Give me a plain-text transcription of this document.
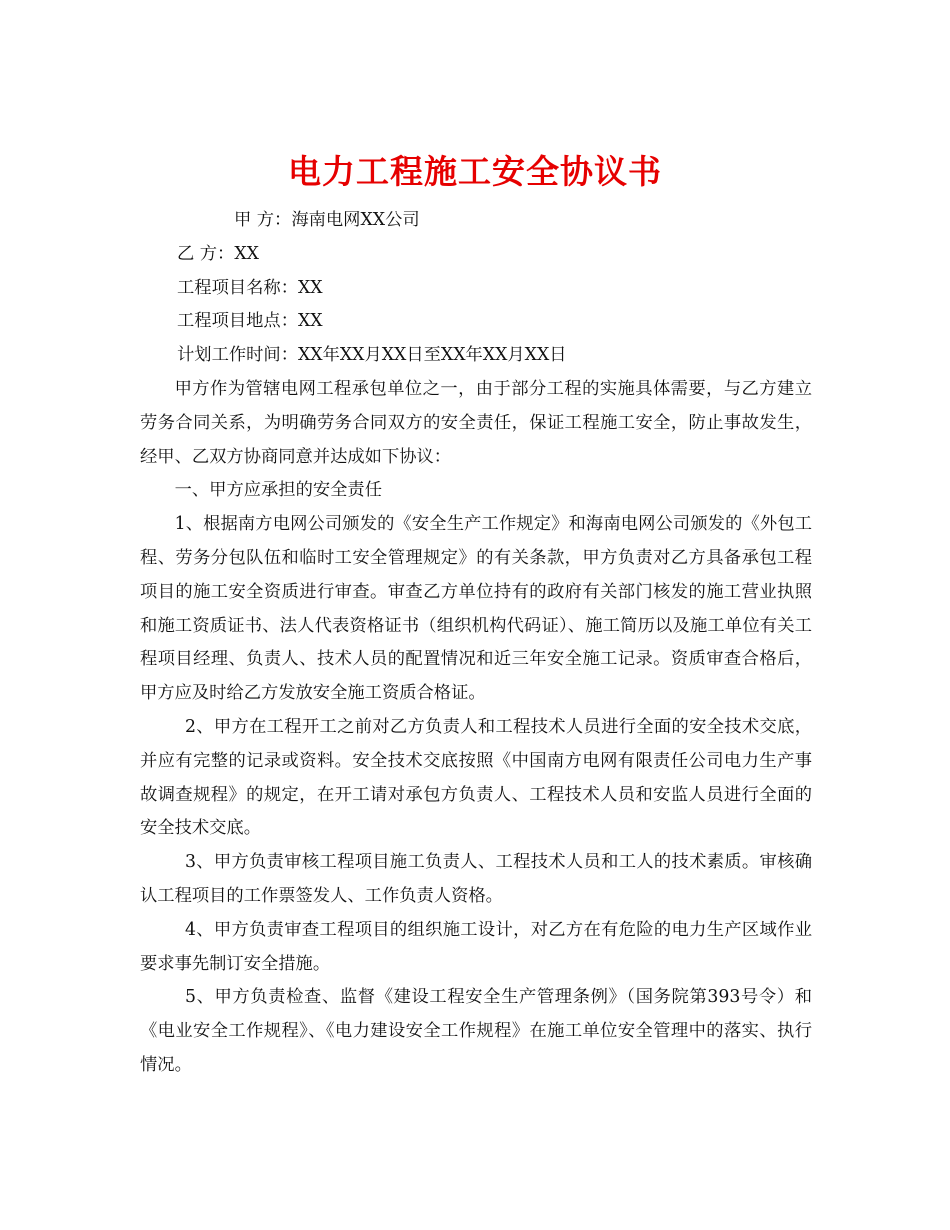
电力工程施工安全协议书

甲 方：海南电网XX公司

乙 方：XX

工程项目名称：XX

工程项目地点：XX

计划工作时间：XX年XX月XX日至XX年XX月XX日

甲方作为管辖电网工程承包单位之一，由于部分工程的实施具体需要，与乙方建立劳务合同关系，为明确劳务合同双方的安全责任，保证工程施工安全，防止事故发生，经甲、乙双方协商同意并达成如下协议：

一、甲方应承担的安全责任

1、根据南方电网公司颁发的《安全生产工作规定》和海南电网公司颁发的《外包工程、劳务分包队伍和临时工安全管理规定》的有关条款，甲方负责对乙方具备承包工程项目的施工安全资质进行审查。审查乙方单位持有的政府有关部门核发的施工营业执照和施工资质证书、法人代表资格证书（组织机构代码证）、施工简历以及施工单位有关工程项目经理、负责人、技术人员的配置情况和近三年安全施工记录。资质审查合格后，甲方应及时给乙方发放安全施工资质合格证。

2、甲方在工程开工之前对乙方负责人和工程技术人员进行全面的安全技术交底，并应有完整的记录或资料。安全技术交底按照《中国南方电网有限责任公司电力生产事故调查规程》的规定，在开工请对承包方负责人、工程技术人员和安监人员进行全面的安全技术交底。

3、甲方负责审核工程项目施工负责人、工程技术人员和工人的技术素质。审核确认工程项目的工作票签发人、工作负责人资格。

4、甲方负责审查工程项目的组织施工设计，对乙方在有危险的电力生产区域作业要求事先制订安全措施。

5、甲方负责检查、监督《建设工程安全生产管理条例》（国务院第393号令）和《电业安全工作规程》、《电力建设安全工作规程》在施工单位安全管理中的落实、执行情况。
